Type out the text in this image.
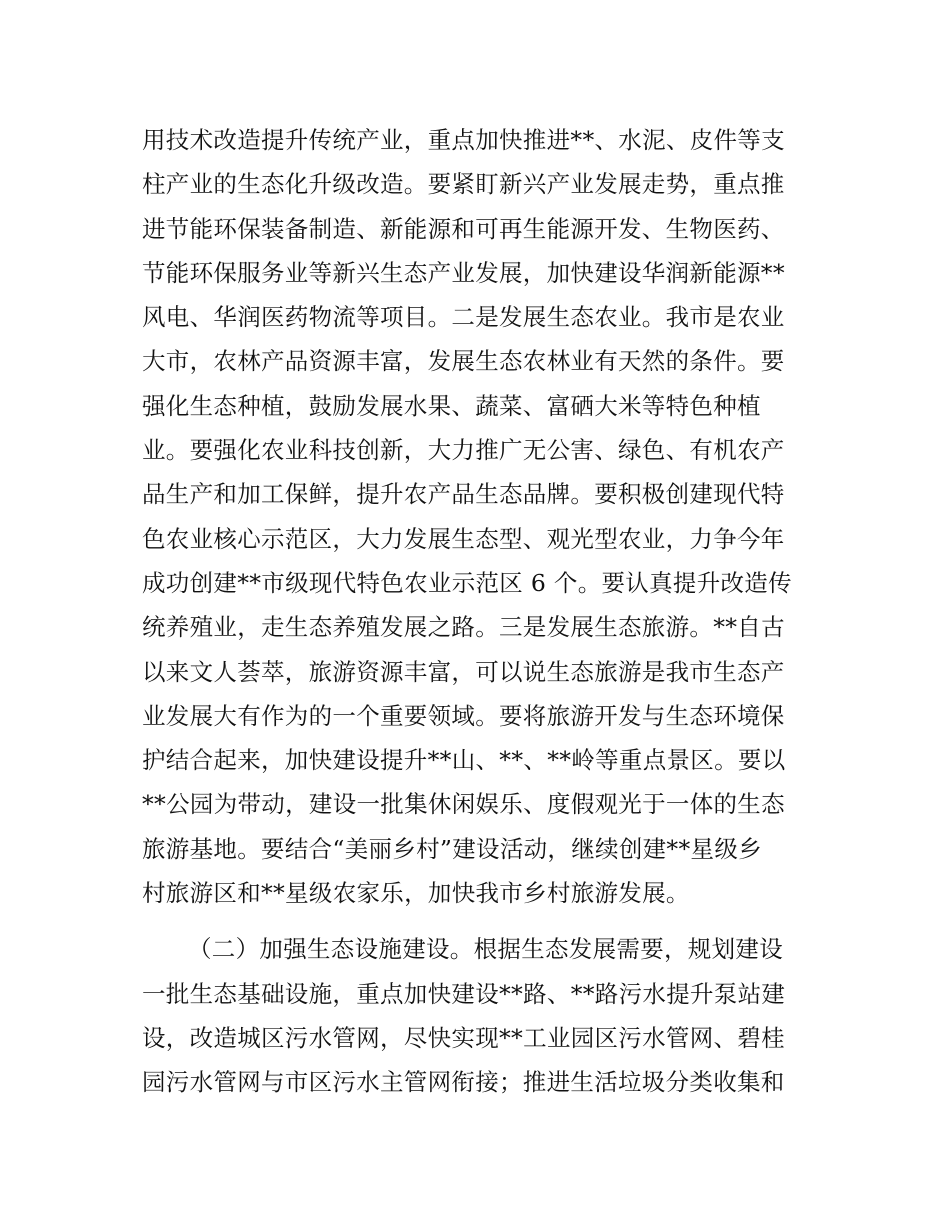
用技术改造提升传统产业，重点加快推进**、水泥、皮件等支
柱产业的生态化升级改造。要紧盯新兴产业发展走势，重点推
进节能环保装备制造、新能源和可再生能源开发、生物医药、
节能环保服务业等新兴生态产业发展，加快建设华润新能源**
风电、华润医药物流等项目。二是发展生态农业。我市是农业
大市，农林产品资源丰富，发展生态农林业有天然的条件。要
强化生态种植，鼓励发展水果、蔬菜、富硒大米等特色种植
业。要强化农业科技创新，大力推广无公害、绿色、有机农产
品生产和加工保鲜，提升农产品生态品牌。要积极创建现代特
色农业核心示范区，大力发展生态型、观光型农业，力争今年
成功创建**市级现代特色农业示范区 6 个。要认真提升改造传
统养殖业，走生态养殖发展之路。三是发展生态旅游。**自古
以来文人荟萃，旅游资源丰富，可以说生态旅游是我市生态产
业发展大有作为的一个重要领域。要将旅游开发与生态环境保
护结合起来，加快建设提升**山、**、**岭等重点景区。要以
**公园为带动，建设一批集休闲娱乐、度假观光于一体的生态
旅游基地。要结合“美丽乡村”建设活动，继续创建**星级乡
村旅游区和**星级农家乐，加快我市乡村旅游发展。
（二）加强生态设施建设。根据生态发展需要，规划建设
一批生态基础设施，重点加快建设**路、**路污水提升泵站建
设，改造城区污水管网，尽快实现**工业园区污水管网、碧桂
园污水管网与市区污水主管网衔接；推进生活垃圾分类收集和
